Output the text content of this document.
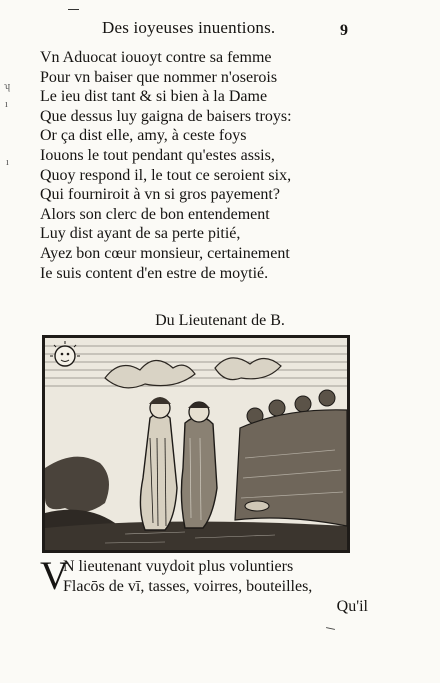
Des ioyeuses inuentions.	9
ʮ
ı
ı
Vn Aduocat iouoyt contre sa femme
Pour vn baiser que nommer n'oserois
Le ieu dist tant & si bien à la Dame
Que dessus luy gaigna de baisers troys:
Or ça dist elle, amy, à ceste foys
Iouons le tout pendant qu'estes assis,
Quoy respond il, le tout ce seroient six,
Qui fourniroit à vn si gros payement?
Alors son clerc de bon entendement
Luy dist ayant de sa perte pitié,
Ayez bon cœur monsieur, certainement
Ie suis content d'en estre de moytié.
Du Lieutenant de B.
V
N lieutenant vuydoit plus voluntiers
Flacōs de vī, tasses, voirres, bouteilles,
Qu'il
